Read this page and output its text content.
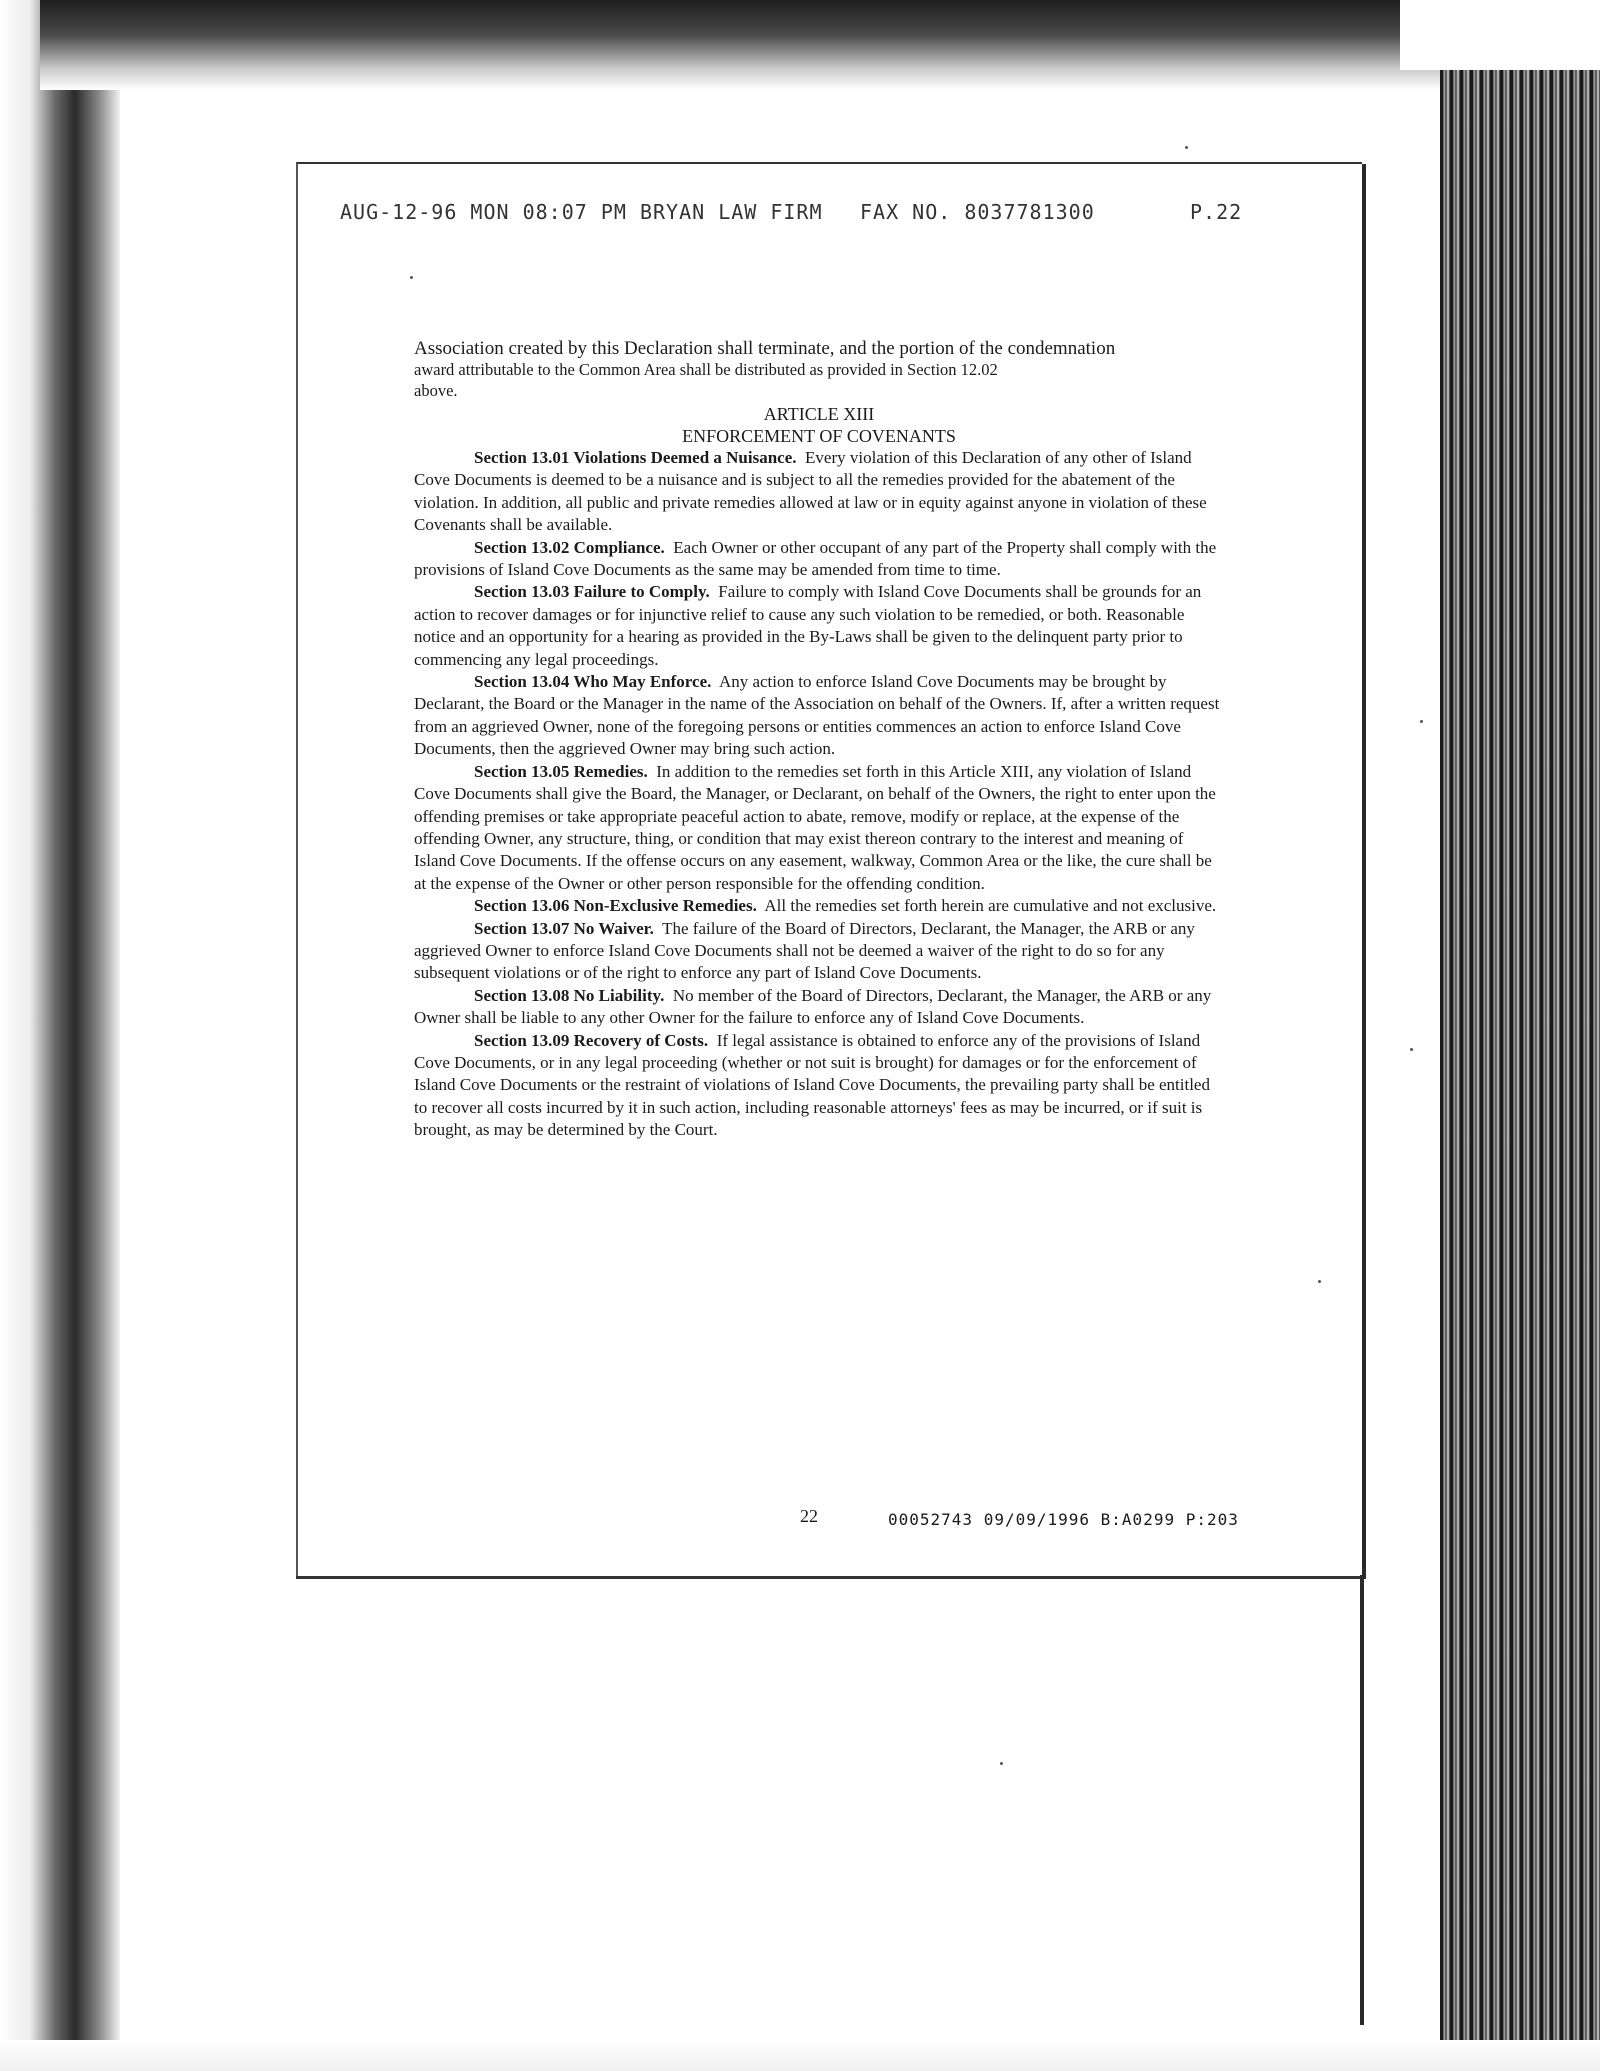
AUG-12-96 MON 08:07 PM BRYAN LAW FIRM FAX NO. 8037781300	P.22

Association created by this Declaration shall terminate, and the portion of the condemnation
award attributable to the Common Area shall be distributed as provided in Section 12.02
above.

ARTICLE XIII
ENFORCEMENT OF COVENANTS

Section 13.01 Violations Deemed a Nuisance. Every violation of this Declaration of any other of Island Cove Documents is deemed to be a nuisance and is subject to all the remedies provided for the abatement of the violation. In addition, all public and private remedies allowed at law or in equity against anyone in violation of these Covenants shall be available.

Section 13.02 Compliance. Each Owner or other occupant of any part of the Property shall comply with the provisions of Island Cove Documents as the same may be amended from time to time.

Section 13.03 Failure to Comply. Failure to comply with Island Cove Documents shall be grounds for an action to recover damages or for injunctive relief to cause any such violation to be remedied, or both. Reasonable notice and an opportunity for a hearing as provided in the By-Laws shall be given to the delinquent party prior to commencing any legal proceedings.

Section 13.04 Who May Enforce. Any action to enforce Island Cove Documents may be brought by Declarant, the Board or the Manager in the name of the Association on behalf of the Owners. If, after a written request from an aggrieved Owner, none of the foregoing persons or entities commences an action to enforce Island Cove Documents, then the aggrieved Owner may bring such action.

Section 13.05 Remedies. In addition to the remedies set forth in this Article XIII, any violation of Island Cove Documents shall give the Board, the Manager, or Declarant, on behalf of the Owners, the right to enter upon the offending premises or take appropriate peaceful action to abate, remove, modify or replace, at the expense of the offending Owner, any structure, thing, or condition that may exist thereon contrary to the interest and meaning of Island Cove Documents. If the offense occurs on any easement, walkway, Common Area or the like, the cure shall be at the expense of the Owner or other person responsible for the offending condition.

Section 13.06 Non-Exclusive Remedies. All the remedies set forth herein are cumulative and not exclusive.

Section 13.07 No Waiver. The failure of the Board of Directors, Declarant, the Manager, the ARB or any aggrieved Owner to enforce Island Cove Documents shall not be deemed a waiver of the right to do so for any subsequent violations or of the right to enforce any part of Island Cove Documents.

Section 13.08 No Liability. No member of the Board of Directors, Declarant, the Manager, the ARB or any Owner shall be liable to any other Owner for the failure to enforce any of Island Cove Documents.

Section 13.09 Recovery of Costs. If legal assistance is obtained to enforce any of the provisions of Island Cove Documents, or in any legal proceeding (whether or not suit is brought) for damages or for the enforcement of Island Cove Documents or the restraint of violations of Island Cove Documents, the prevailing party shall be entitled to recover all costs incurred by it in such action, including reasonable attorneys' fees as may be incurred, or if suit is brought, as may be determined by the Court.

22	00052743 09/09/1996 B:A0299 P:203
